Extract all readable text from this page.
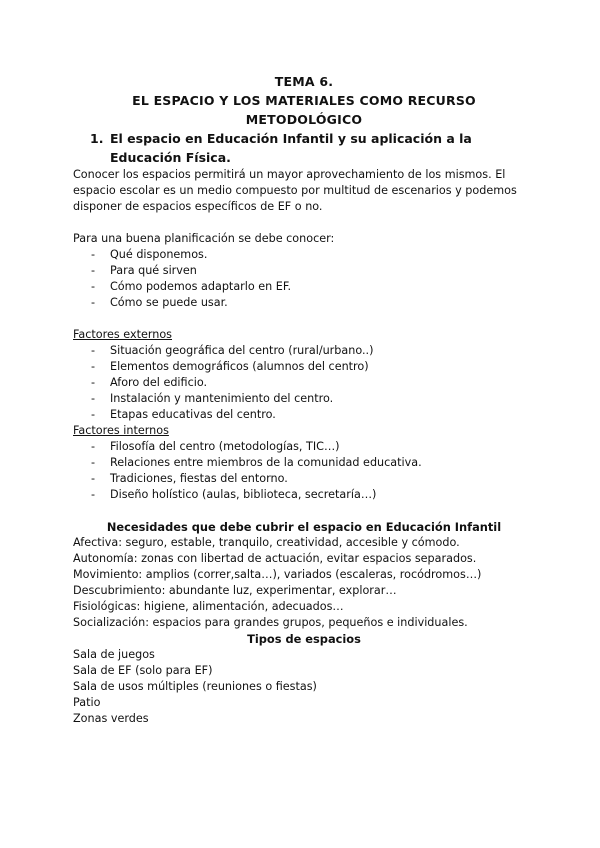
TEMA 6.

EL ESPACIO Y LOS MATERIALES COMO RECURSO METODOLÓGICO

1. El espacio en Educación Infantil y su aplicación a la Educación Física.

Conocer los espacios permitirá un mayor aprovechamiento de los mismos. El

espacio escolar es un medio compuesto por multitud de escenarios y podemos

disponer de espacios específicos de EF o no.

Para una buena planificación se debe conocer:

- Qué disponemos.
- Para qué sirven
- Cómo podemos adaptarlo en EF.
- Cómo se puede usar.

Factores externos

- Situación geográfica del centro (rural/urbano..)
- Elementos demográficos (alumnos del centro)
- Aforo del edificio.
- Instalación y mantenimiento del centro.
- Etapas educativas del centro.

Factores internos

- Filosofía del centro (metodologías, TIC…)
- Relaciones entre miembros de la comunidad educativa.
- Tradiciones, fiestas del entorno.
- Diseño holístico (aulas, biblioteca, secretaría…)

Necesidades que debe cubrir el espacio en Educación Infantil

Afectiva: seguro, estable, tranquilo, creatividad, accesible y cómodo.

Autonomía: zonas con libertad de actuación, evitar espacios separados.

Movimiento: amplios (correr,salta…), variados (escaleras, rocódromos…)

Descubrimiento: abundante luz, experimentar, explorar…

Fisiológicas: higiene, alimentación, adecuados…

Socialización: espacios para grandes grupos, pequeños e individuales.

Tipos de espacios

Sala de juegos

Sala de EF (solo para EF)

Sala de usos múltiples (reuniones o fiestas)

Patio

Zonas verdes
